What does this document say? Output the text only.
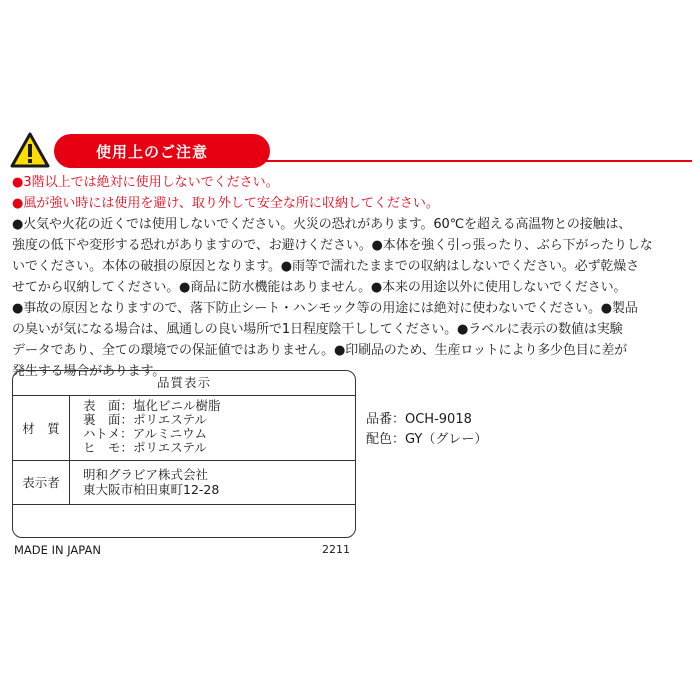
使用上のご注意
●3階以上では絶対に使用しないでください。
●風が強い時には使用を避け、取り外して安全な所に収納してください。
●火気や火花の近くでは使用しないでください。火災の恐れがあります。60℃を超える高温物との接触は、
強度の低下や変形する恐れがありますので、お避けください。●本体を強く引っ張ったり、ぶら下がったりしな
いでください。本体の破損の原因となります。●雨等で濡れたままでの収納はしないでください。必ず乾燥さ
せてから収納してください。●商品に防水機能はありません。●本来の用途以外に使用しないでください。
●事故の原因となりますので、落下防止シート・ハンモック等の用途には絶対に使わないでください。●製品
の臭いが気になる場合は、風通しの良い場所で1日程度陰干ししてください。●ラベルに表示の数値は実験
データであり、全ての環境での保証値ではありません。●印刷品のため、生産ロットにより多少色目に差が
発生する場合があります。
品質表示
材　質
表　面：塩化ビニル樹脂
裏　面：ポリエステル
ハトメ：アルミニウム
ヒ　モ：ポリエステル
表示者
明和グラビア株式会社
東大阪市柏田東町12-28
MADE IN JAPAN	2211
品番：OCH-9018
配色：GY（グレー）
